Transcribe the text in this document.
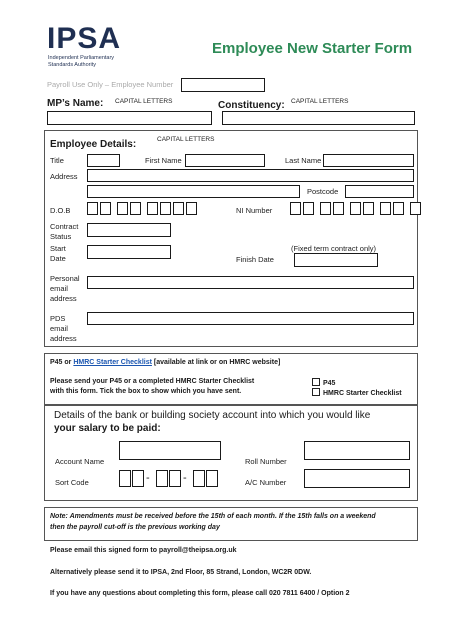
IPSA
Independent Parliamentary
Standards Authority
Employee New Starter Form
Payroll Use Only – Employee Number
MP’s Name: CAPITAL LETTERS	Constituency: CAPITAL LETTERS
Employee Details:	CAPITAL LETTERS
Title	First Name	Last Name
Address
Postcode
D.O.B	NI Number
Contract
Status
Start
Date	Finish Date
(Fixed term contract only)
Personal
email
address
PDS
email
address
P45 or HMRC Starter Checklist [available at link or on HMRC website]
Please send your P45 or a completed HMRC Starter Checklist
with this form. Tick the box to show which you have sent.
P45
HMRC Starter Checklist
Details of the bank or building society account into which you would like
your salary to be paid:
Account Name	Roll Number
Sort Code	-	-	A/C Number
Note: Amendments must be received before the 15th of each month. If the 15th falls on a weekend
then the payroll cut-off is the previous working day
Please email this signed form to payroll@theipsa.org.uk
Alternatively please send it to IPSA, 2nd Floor, 85 Strand, London, WC2R 0DW.
If you have any questions about completing this form, please call 020 7811 6400 / Option 2
